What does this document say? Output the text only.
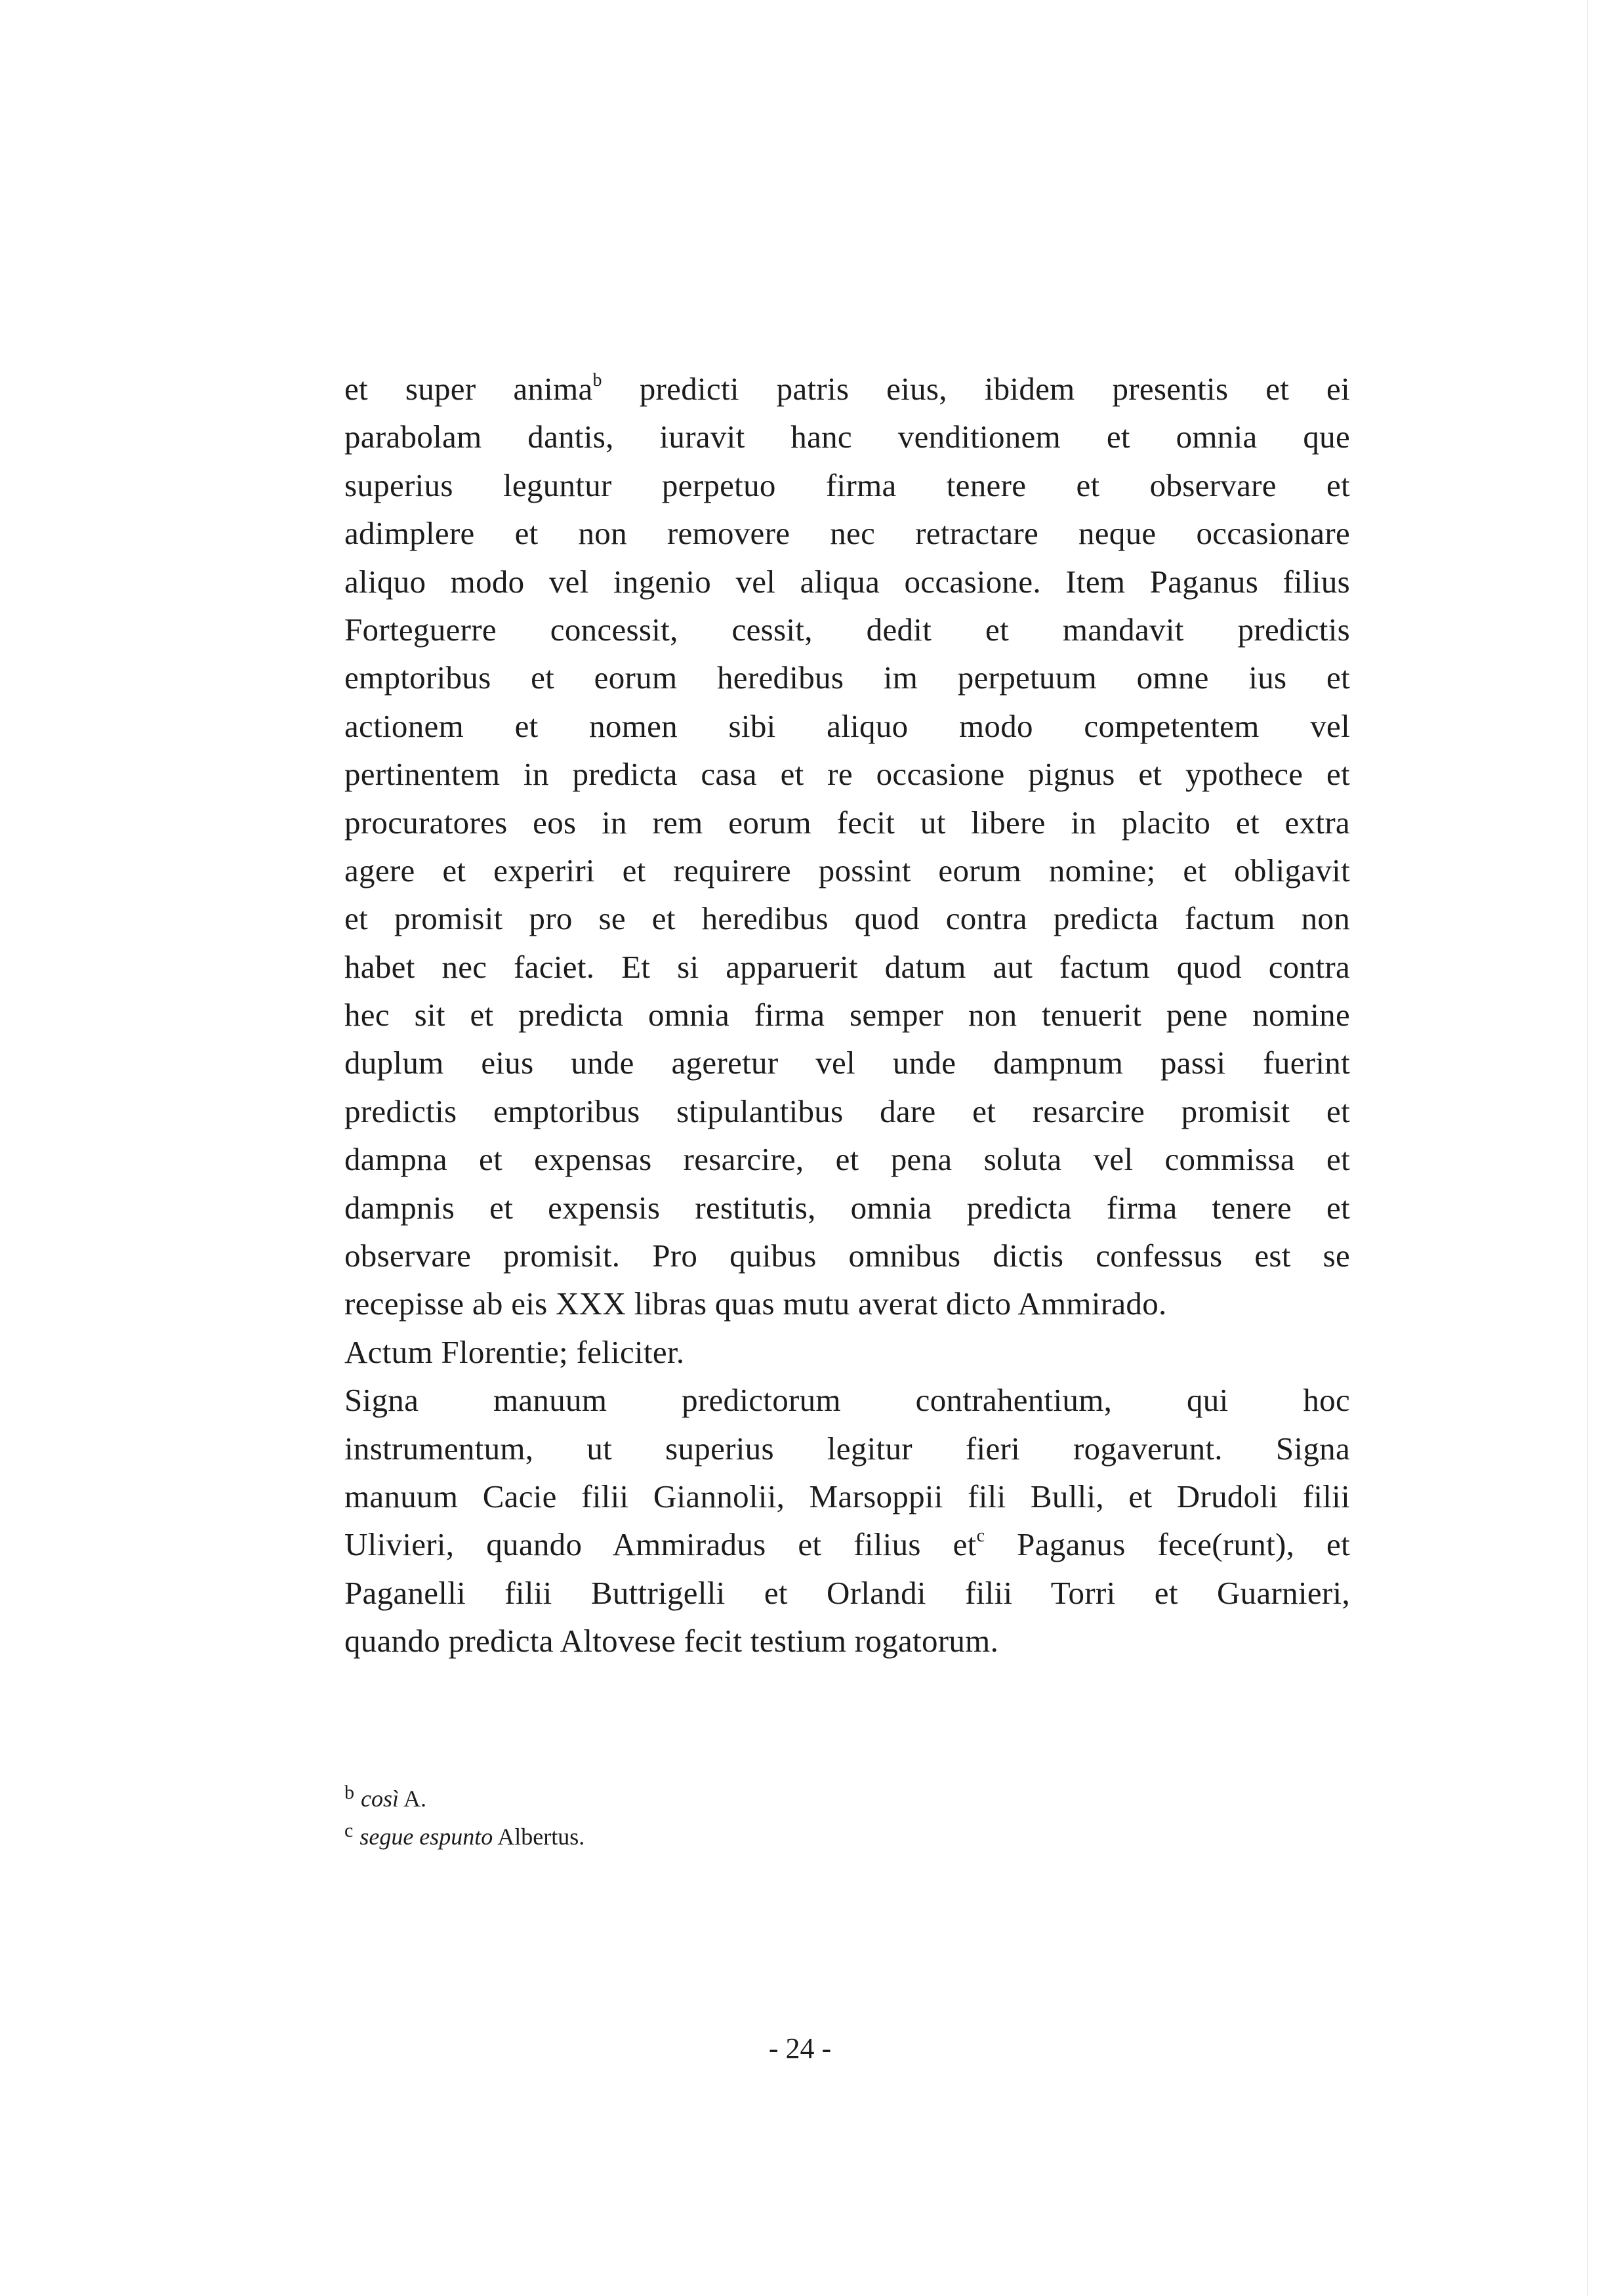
et super anima$^b$ predicti patris eius, ibidem presentis et ei
parabolam dantis, iuravit hanc venditionem et omnia que
superius leguntur perpetuo firma tenere et observare et
adimplere et non removere nec retractare neque occasionare
aliquo modo vel ingenio vel aliqua occasione. Item Paganus filius
Forteguerre concessit, cessit, dedit et mandavit predictis
emptoribus et eorum heredibus im perpetuum omne ius et
actionem et nomen sibi aliquo modo competentem vel
pertinentem in predicta casa et re occasione pignus et ypothece et
procuratores eos in rem eorum fecit ut libere in placito et extra
agere et experiri et requirere possint eorum nomine; et obligavit
et promisit pro se et heredibus quod contra predicta factum non
habet nec faciet. Et si apparuerit datum aut factum quod contra
hec sit et predicta omnia firma semper non tenuerit pene nomine
duplum eius unde ageretur vel unde dampnum passi fuerint
predictis emptoribus stipulantibus dare et resarcire promisit et
dampna et expensas resarcire, et pena soluta vel commissa et
dampnis et expensis restitutis, omnia predicta firma tenere et
observare promisit. Pro quibus omnibus dictis confessus est se
recepisse ab eis XXX libras quas mutu averat dicto Ammirado.
Actum Florentie; feliciter.
Signa manuum predictorum contrahentium, qui hoc
instrumentum, ut superius legitur fieri rogaverunt. Signa
manuum Cacie filii Giannolii, Marsoppii fili Bulli, et Drudoli filii
Ulivieri, quando Ammiradus et filius $et^c$ Paganus fece(runt), et
Paganelli filii Buttrigelli et Orlandi filii Torri et Guarnieri,
quando predicta Altovese fecit testium rogatorum.
$^b$ così A.
$^c$ segue espunto Albertus.
- 24 -
